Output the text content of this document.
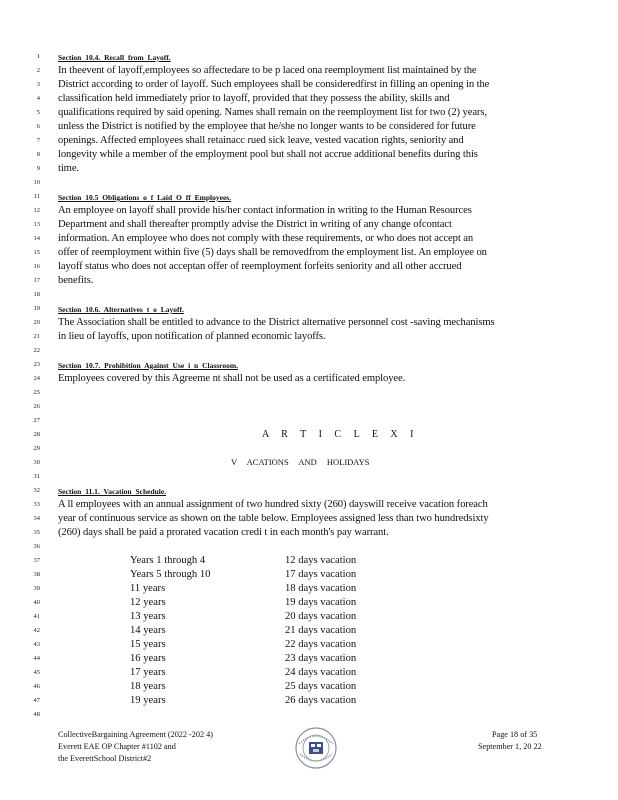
1
2
3
4
5
6
7
8
9
10
11
12
13
14
15
16
17
18
19
20
21
22
23
24
25
26
27
28
29
30
31
32
33
34
35
36
37
38
39
40
41
42
43
44
45
46
47
48
Section 10.4. Recall from Layoff.
In theevent of layoff,employees so affectedare to be p laced ona reemployment list maintained by the
District according to order of layoff. Such employees shall be consideredfirst in filling an opening in the
classification held immediately prior to layoff, provided that they possess the ability, skills and
qualifications required by said opening. Names shall remain on the reemployment list for two (2) years,
unless the District is notified by the employee that he/she no longer wants to be considered for future
openings. Affected employees shall retainacc rued sick leave, vested vacation rights, seniority and
longevity while a member of the employment pool but shall not accrue additional benefits during this
time.
Section 10.5 Obligations o f Laid O ff Employees.
An employee on layoff shall provide his/her contact information in writing to the Human Resources
Department and shall thereafter promptly advise the District in writing of any change ofcontact
information. An employee who does not comply with these requirements, or who does not accept an
offer of reemployment within five (5) days shall be removedfrom the employment list. An employee on
layoff status who does not acceptan offer of reemployment forfeits seniority and all other accrued
benefits.
Section 10.6. Alternatives t o Layoff.
The Association shall be entitled to advance to the District alternative personnel cost -saving mechanisms
in lieu of layoffs, upon notification of planned economic layoffs.
Section 10.7. Prohibition Against Use i n Classroom.
Employees covered by this Agreeme nt shall not be used as a certificated employee.
A R T I C L E X I
V ACATIONS AND HOLIDAYS
Section 11.1. Vacation Schedule.
A ll employees with an annual assignment of two hundred sixty (260) dayswill receive vacation foreach
year of continuous service as shown on the table below. Employees assigned less than two hundredsixty
(260) days shall be paid a prorated vacation credi t in each month's pay warrant.
Years 1 through 4	12 days vacation
Years 5 through 10	17 days vacation
11 years	18 days vacation
12 years	19 days vacation
13 years	20 days vacation
14 years	21 days vacation
15 years	22 days vacation
16 years	23 days vacation
17 years	24 days vacation
18 years	25 days vacation
19 years	26 days vacation
CollectiveBargaining Agreement (2022 -202 4)
Everett EAE OP Chapter #1102 and
the EverettSchool District#2
Page 18 of 35
September 1, 20 22
